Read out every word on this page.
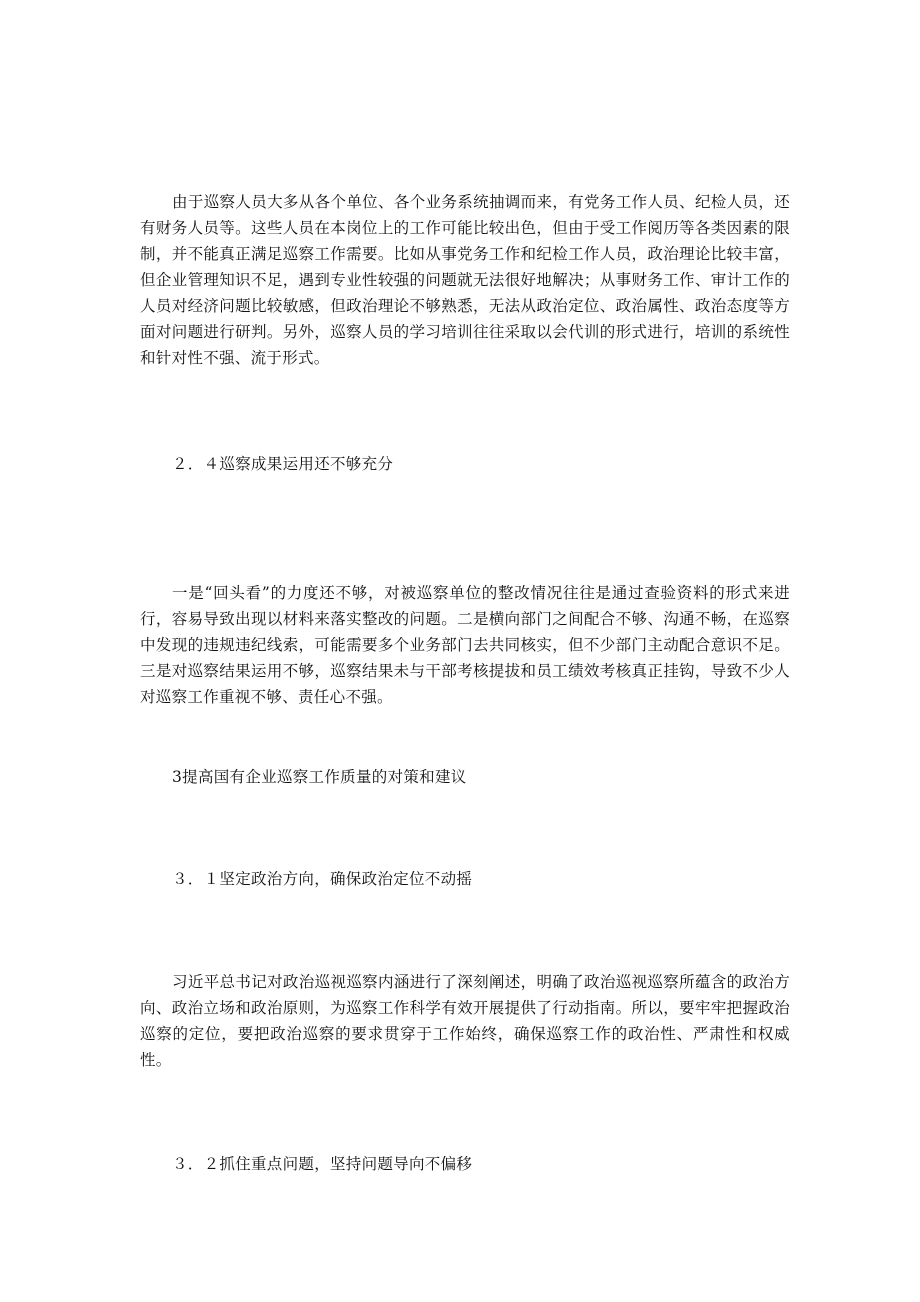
由于巡察人员大多从各个单位、各个业务系统抽调而来，有党务工作人员、纪检人员，还有财务人员等。这些人员在本岗位上的工作可能比较出色，但由于受工作阅历等各类因素的限制，并不能真正满足巡察工作需要。比如从事党务工作和纪检工作人员，政治理论比较丰富，但企业管理知识不足，遇到专业性较强的问题就无法很好地解决；从事财务工作、审计工作的人员对经济问题比较敏感，但政治理论不够熟悉，无法从政治定位、政治属性、政治态度等方面对问题进行研判。另外，巡察人员的学习培训往往采取以会代训的形式进行，培训的系统性和针对性不强、流于形式。

２．４巡察成果运用还不够充分

一是“回头看”的力度还不够，对被巡察单位的整改情况往往是通过查验资料的形式来进行，容易导致出现以材料来落实整改的问题。二是横向部门之间配合不够、沟通不畅，在巡察中发现的违规违纪线索，可能需要多个业务部门去共同核实，但不少部门主动配合意识不足。三是对巡察结果运用不够，巡察结果未与干部考核提拔和员工绩效考核真正挂钩，导致不少人对巡察工作重视不够、责任心不强。

3提高国有企业巡察工作质量的对策和建议

３．１坚定政治方向，确保政治定位不动摇

习近平总书记对政治巡视巡察内涵进行了深刻阐述，明确了政治巡视巡察所蕴含的政治方向、政治立场和政治原则，为巡察工作科学有效开展提供了行动指南。所以，要牢牢把握政治巡察的定位，要把政治巡察的要求贯穿于工作始终，确保巡察工作的政治性、严肃性和权威性。

３．２抓住重点问题，坚持问题导向不偏移
